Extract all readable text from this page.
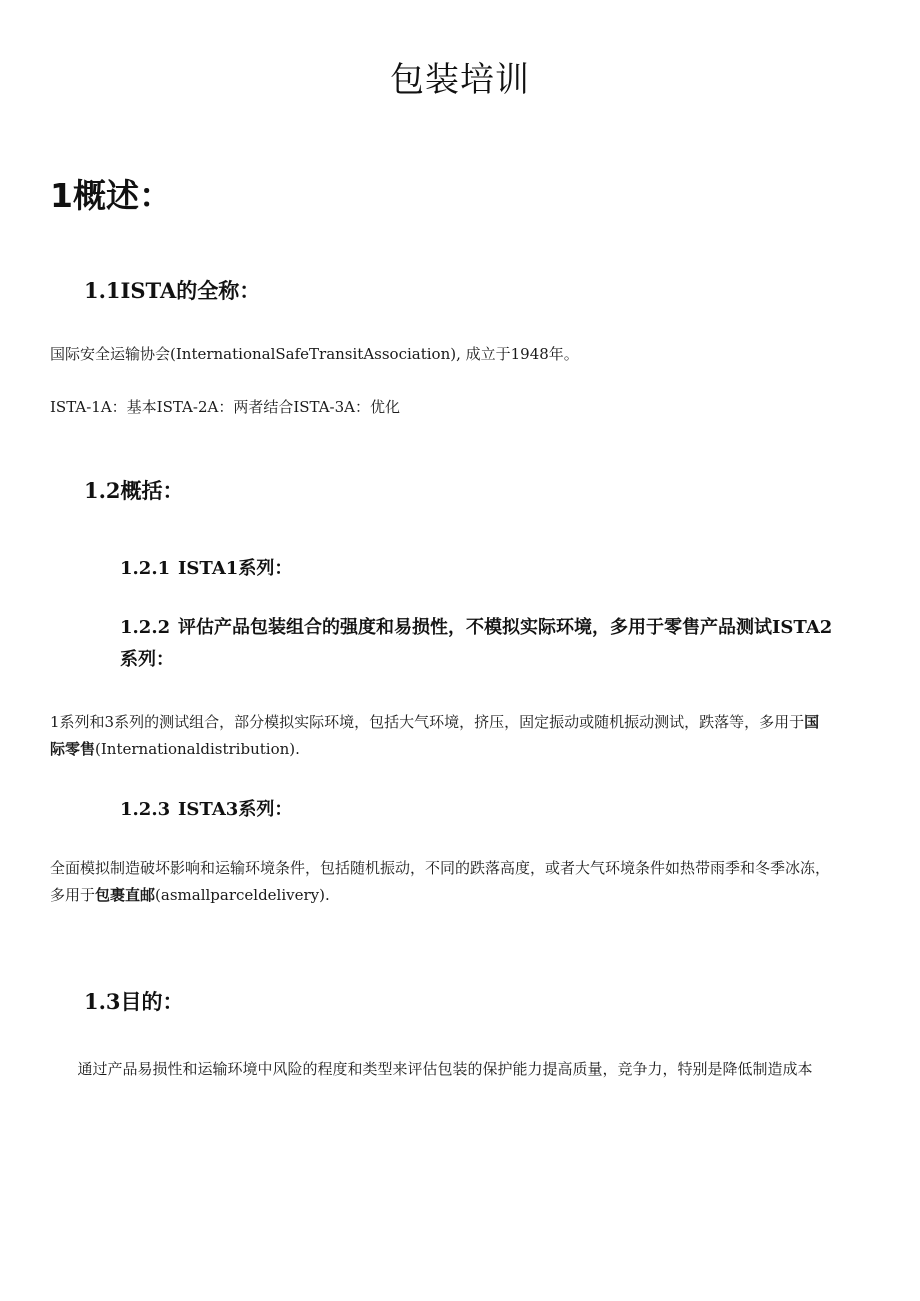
包装培训
1概述：
1.1ISTA的全称：

国际安全运输协会(InternationalSafeTransitAssociation), 成立于1948年。

ISTA-1A：基本ISTA-2A：两者结合ISTA-3A：优化

1.2概括：
1.2.1 ISTA1系列：
1.2.2 评估产品包装组合的强度和易损性，不模拟实际环境，多用于零售产品测试ISTA2系列：

1系列和3系列的测试组合，部分模拟实际环境，包括大气环境，挤压，固定振动或随机振动测试，跌落等，多用于国际零售(Internationaldistribution).

1.2.3 ISTA3系列：

全面模拟制造破坏影响和运输环境条件，包括随机振动，不同的跌落高度，或者大气环境条件如热带雨季和冬季冰冻，多用于包裹直邮(asmallparceldelivery).

1.3目的：

通过产品易损性和运输环境中风险的程度和类型来评估包装的保护能力提高质量，竞争力，特别是降低制造成本
